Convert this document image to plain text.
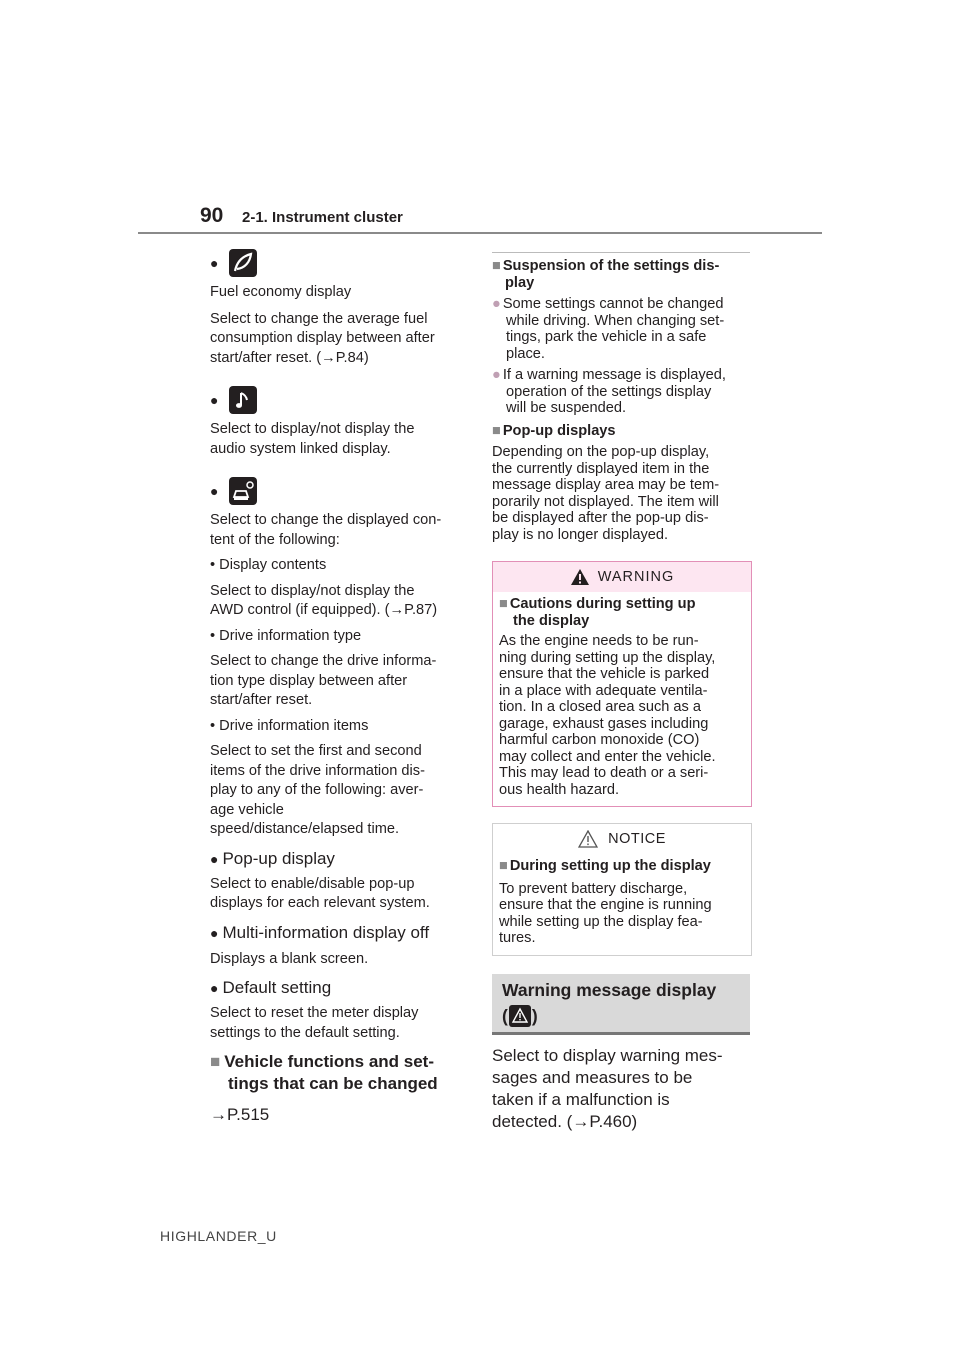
90 2-1. Instrument cluster
●

Fuel economy display

Select to change the average fuel

consumption display between after

start/after reset. (→P.84)

●

Select to display/not display the

audio system linked display.

●

Select to change the displayed con-

tent of the following:

• Display contents

Select to display/not display the

AWD control (if equipped). (→P.87)

• Drive information type

Select to change the drive informa-

tion type display between after

start/after reset.

• Drive information items

Select to set the first and second

items of the drive information dis-

play to any of the following: aver-

age vehicle

speed/distance/elapsed time.

● Pop-up display

Select to enable/disable pop-up

displays for each relevant system.

● Multi-information display off

Displays a blank screen.

● Default setting

Select to reset the meter display

settings to the default setting.

■ Vehicle functions and set-

tings that can be changed

→P.515

■ Suspension of the settings dis-

play

● Some settings cannot be changed

while driving. When changing set-

tings, park the vehicle in a safe

place.

● If a warning message is displayed,

operation of the settings display

will be suspended.

■ Pop-up displays

Depending on the pop-up display,

the currently displayed item in the

message display area may be tem-

porarily not displayed. The item will

be displayed after the pop-up dis-

play is no longer displayed.

WARNING

■ Cautions during setting up

the display

As the engine needs to be run-

ning during setting up the display,

ensure that the vehicle is parked

in a place with adequate ventila-

tion. In a closed area such as a

garage, exhaust gases including

harmful carbon monoxide (CO)

may collect and enter the vehicle.

This may lead to death or a seri-

ous health hazard.

NOTICE

■ During setting up the display

To prevent battery discharge,

ensure that the engine is running

while setting up the display fea-

tures.

Warning message display

( )

Select to display warning mes-

sages and measures to be

taken if a malfunction is

detected. (→P.460)

HIGHLANDER_U
